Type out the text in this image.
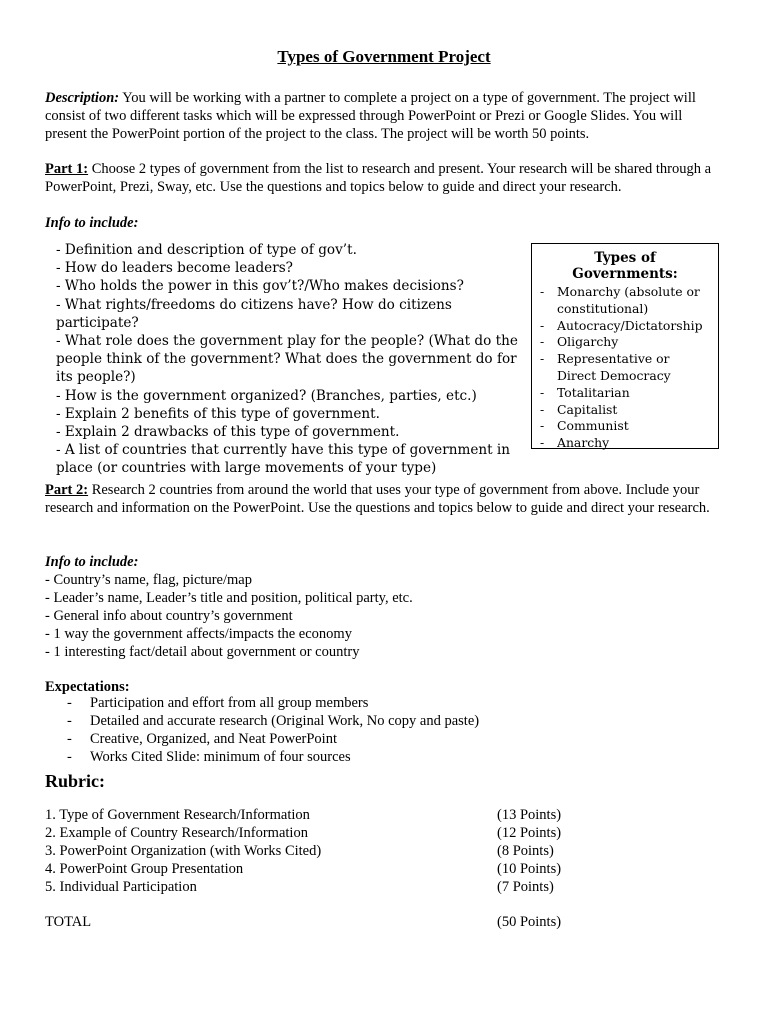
Types of Government Project
Description: You will be working with a partner to complete a project on a type of government. The project will consist of two different tasks which will be expressed through PowerPoint or Prezi or Google Slides. You will present the PowerPoint portion of the project to the class. The project will be worth 50 points.
Part 1: Choose 2 types of government from the list to research and present. Your research will be shared through a PowerPoint, Prezi, Sway, etc. Use the questions and topics below to guide and direct your research.
Info to include:
- Definition and description of type of gov’t.
- How do leaders become leaders?
- Who holds the power in this gov’t?/Who makes decisions?
- What rights/freedoms do citizens have? How do citizens participate?
- What role does the government play for the people? (What do the people think of the government? What does the government do for its people?)
- How is the government organized? (Branches, parties, etc.)
- Explain 2 benefits of this type of government.
- Explain 2 drawbacks of this type of government.
- A list of countries that currently have this type of government in place (or countries with large movements of your type)
Types of Governments:
- Monarchy (absolute or constitutional)
- Autocracy/Dictatorship
- Oligarchy
- Representative or Direct Democracy
- Totalitarian
- Capitalist
- Communist
- Anarchy
Part 2: Research 2 countries from around the world that uses your type of government from above. Include your research and information on the PowerPoint. Use the questions and topics below to guide and direct your research.
Info to include:
- Country’s name, flag, picture/map
- Leader’s name, Leader’s title and position, political party, etc.
- General info about country’s government
- 1 way the government affects/impacts the economy
- 1 interesting fact/detail about government or country
Expectations:
- Participation and effort from all group members
- Detailed and accurate research (Original Work, No copy and paste)
- Creative, Organized, and Neat PowerPoint
- Works Cited Slide: minimum of four sources
Rubric:
1. Type of Government Research/Information	(13 Points)
2. Example of Country Research/Information	(12 Points)
3. PowerPoint Organization (with Works Cited)	(8 Points)
4. PowerPoint Group Presentation	(10 Points)
5. Individual Participation	(7 Points)
TOTAL	(50 Points)
